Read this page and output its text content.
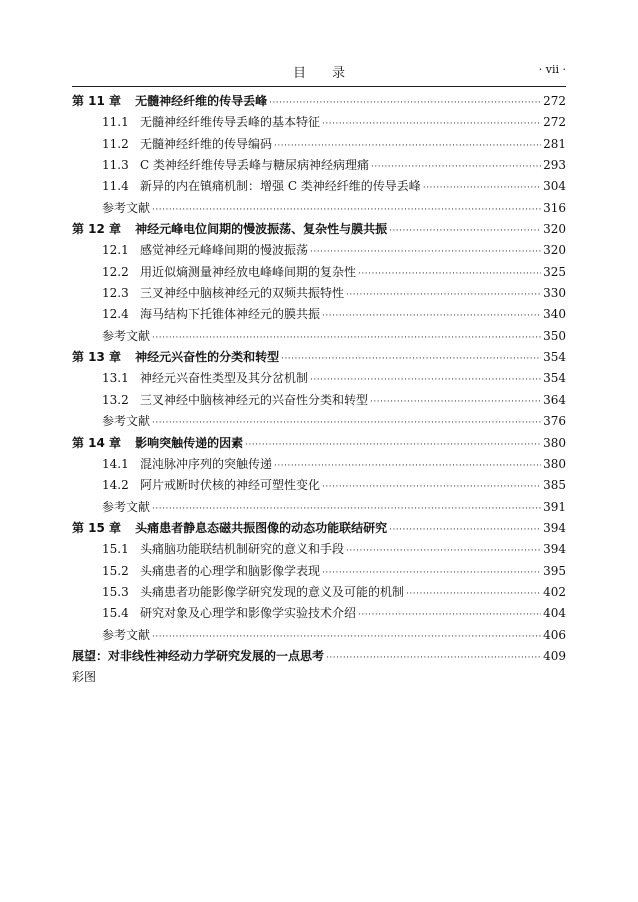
目　　录	· vii ·
第 11 章 无髓神经纤维的传导丢峰 ·····	272
11.1 无髓神经纤维传导丢峰的基本特征 ·····	272
11.2 无髓神经纤维的传导编码 ·····	281
11.3 C 类神经纤维传导丢峰与糖尿病神经病理痛 ·····	293
11.4 新异的内在镇痛机制：增强 C 类神经纤维的传导丢峰 ·····	304
参考文献 ·····	316
第 12 章 神经元峰电位间期的慢波振荡、复杂性与膜共振 ·····	320
12.1 感觉神经元峰峰间期的慢波振荡 ·····	320
12.2 用近似熵测量神经放电峰峰间期的复杂性 ·····	325
12.3 三叉神经中脑核神经元的双频共振特性 ·····	330
12.4 海马结构下托锥体神经元的膜共振 ·····	340
参考文献 ·····	350
第 13 章 神经元兴奋性的分类和转型 ·····	354
13.1 神经元兴奋性类型及其分岔机制 ·····	354
13.2 三叉神经中脑核神经元的兴奋性分类和转型 ·····	364
参考文献 ·····	376
第 14 章 影响突触传递的因素 ·····	380
14.1 混沌脉冲序列的突触传递 ·····	380
14.2 阿片戒断时伏核的神经可塑性变化 ·····	385
参考文献 ·····	391
第 15 章 头痛患者静息态磁共振图像的动态功能联结研究 ·····	394
15.1 头痛脑功能联结机制研究的意义和手段 ·····	394
15.2 头痛患者的心理学和脑影像学表现 ·····	395
15.3 头痛患者功能影像学研究发现的意义及可能的机制 ·····	402
15.4 研究对象及心理学和影像学实验技术介绍 ·····	404
参考文献 ·····	406
展望：对非线性神经动力学研究发展的一点思考 ·····	409
彩图
